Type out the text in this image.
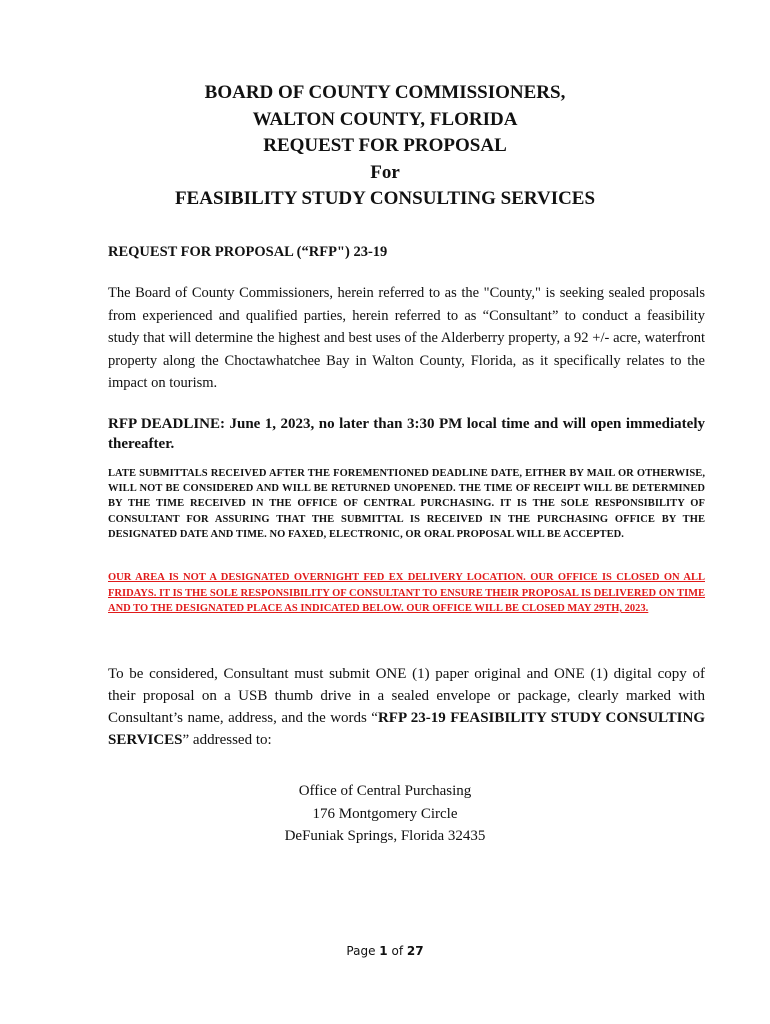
BOARD OF COUNTY COMMISSIONERS,

WALTON COUNTY, FLORIDA

REQUEST FOR PROPOSAL

For

FEASIBILITY STUDY CONSULTING SERVICES

REQUEST FOR PROPOSAL (“RFP") 23-19

The Board of County Commissioners, herein referred to as the "County," is seeking sealed proposals from experienced and qualified parties, herein referred to as “Consultant” to conduct a feasibility study that will determine the highest and best uses of the Alderberry property, a 92 +/- acre, waterfront property along the Choctawhatchee Bay in Walton County, Florida, as it specifically relates to the impact on tourism.

RFP DEADLINE: June 1, 2023, no later than 3:30 PM local time and will open immediately thereafter.

LATE SUBMITTALS RECEIVED AFTER THE FOREMENTIONED DEADLINE DATE, EITHER BY MAIL OR OTHERWISE, WILL NOT BE CONSIDERED AND WILL BE RETURNED UNOPENED. THE TIME OF RECEIPT WILL BE DETERMINED BY THE TIME RECEIVED IN THE OFFICE OF CENTRAL PURCHASING. IT IS THE SOLE RESPONSIBILITY OF CONSULTANT FOR ASSURING THAT THE SUBMITTAL IS RECEIVED IN THE PURCHASING OFFICE BY THE DESIGNATED DATE AND TIME. NO FAXED, ELECTRONIC, OR ORAL PROPOSAL WILL BE ACCEPTED.

OUR AREA IS NOT A DESIGNATED OVERNIGHT FED EX DELIVERY LOCATION. OUR OFFICE IS CLOSED ON ALL FRIDAYS. IT IS THE SOLE RESPONSIBILITY OF CONSULTANT TO ENSURE THEIR PROPOSAL IS DELIVERED ON TIME AND TO THE DESIGNATED PLACE AS INDICATED BELOW. OUR OFFICE WILL BE CLOSED MAY 29TH, 2023.

To be considered, Consultant must submit ONE (1) paper original and ONE (1) digital copy of their proposal on a USB thumb drive in a sealed envelope or package, clearly marked with Consultant’s name, address, and the words “RFP 23-19 FEASIBILITY STUDY CONSULTING SERVICES” addressed to:

Office of Central Purchasing
176 Montgomery Circle
DeFuniak Springs, Florida 32435
Page 1 of 27
